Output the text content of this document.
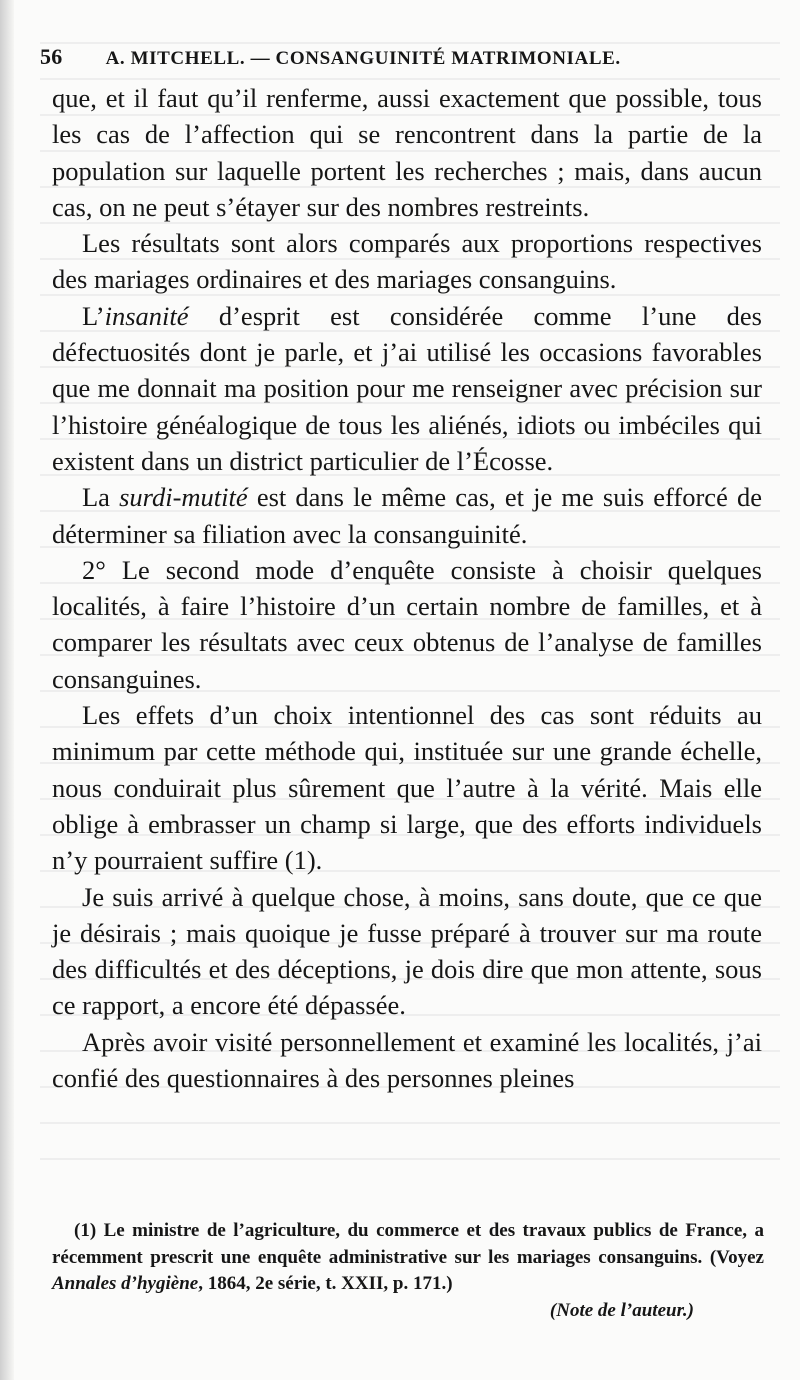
56 A. MITCHELL. — CONSANGUINITÉ MATRIMONIALE.

que, et il faut qu’il renferme, aussi exactement que possible, tous les cas de l’affection qui se rencontrent dans la partie de la population sur laquelle portent les recherches ; mais, dans aucun cas, on ne peut s’étayer sur des nombres restreints.

Les résultats sont alors comparés aux proportions respectives des mariages ordinaires et des mariages consanguins.

L’insanité d’esprit est considérée comme l’une des défectuosités dont je parle, et j’ai utilisé les occasions favorables que me donnait ma position pour me renseigner avec précision sur l’histoire généalogique de tous les aliénés, idiots ou imbéciles qui existent dans un district particulier de l’Écosse.

La surdi-mutité est dans le même cas, et je me suis efforcé de déterminer sa filiation avec la consanguinité.

2° Le second mode d’enquête consiste à choisir quelques localités, à faire l’histoire d’un certain nombre de familles, et à comparer les résultats avec ceux obtenus de l’analyse de familles consanguines.

Les effets d’un choix intentionnel des cas sont réduits au minimum par cette méthode qui, instituée sur une grande échelle, nous conduirait plus sûrement que l’autre à la vérité. Mais elle oblige à embrasser un champ si large, que des efforts individuels n’y pourraient suffire (1).

Je suis arrivé à quelque chose, à moins, sans doute, que ce que je désirais ; mais quoique je fusse préparé à trouver sur ma route des difficultés et des déceptions, je dois dire que mon attente, sous ce rapport, a encore été dépassée.

Après avoir visité personnellement et examiné les localités, j’ai confié des questionnaires à des personnes pleines

(1) Le ministre de l’agriculture, du commerce et des travaux publics de France, a récemment prescrit une enquête administrative sur les mariages consanguins. (Voyez Annales d’hygiène, 1864, 2e série, t. XXII, p. 171.)

(Note de l’auteur.)
